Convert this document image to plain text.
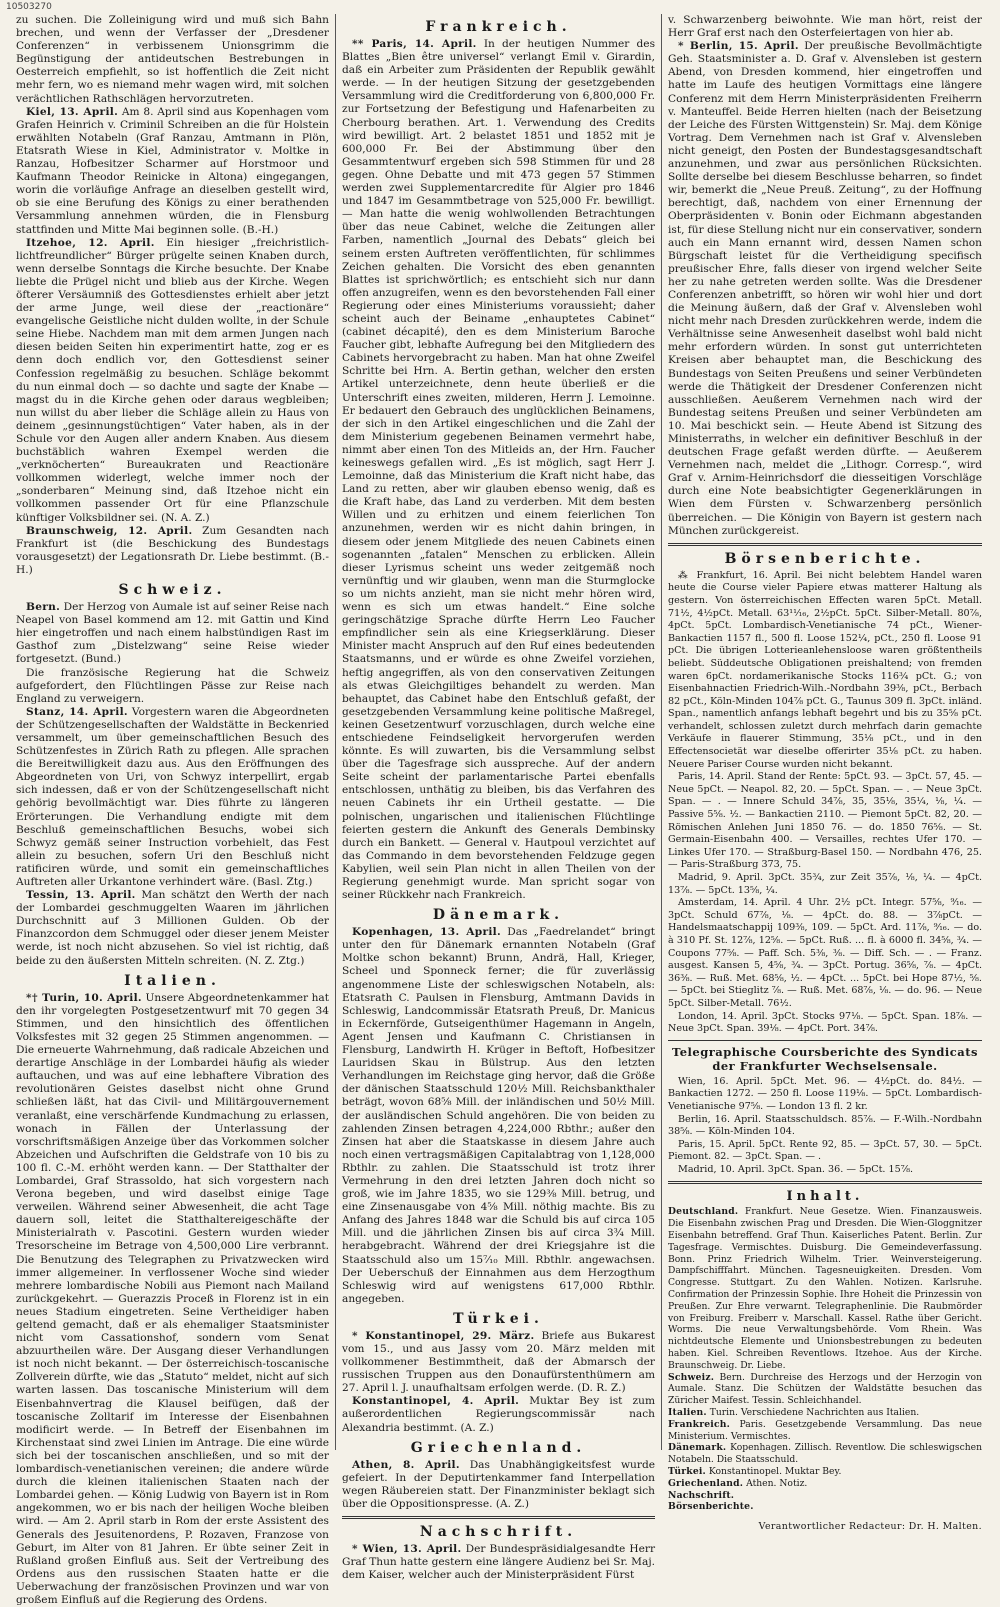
10503270

zu suchen. Die Zolleinigung wird und muß sich Bahn brechen, und wenn der Verfasser der „Dresdener Conferenzen“ in verbissenem Unionsgrimm die Begünstigung der antideutschen Bestrebungen in Oesterreich empfiehlt, so ist hoffentlich die Zeit nicht mehr fern, wo es niemand mehr wagen wird, mit solchen verächtlichen Rathschlägen hervorzutreten.

Kiel, 13. April. Am 8. April sind aus Kopenhagen vom Grafen Heinrich v. Criminil Schreiben an die für Holstein erwählten Notabeln (Graf Ranzau, Amtmann in Plön, Etatsrath Wiese in Kiel, Administrator v. Moltke in Ranzau, Hofbesitzer Scharmer auf Horstmoor und Kaufmann Theodor Reinicke in Altona) eingegangen, worin die vorläufige Anfrage an dieselben gestellt wird, ob sie eine Berufung des Königs zu einer berathenden Versammlung annehmen würden, die in Flensburg stattfinden und Mitte Mai beginnen solle. (B.-H.)

Itzehoe, 12. April. Ein hiesiger „freichristlich-lichtfreundlicher“ Bürger prügelte seinen Knaben durch, wenn derselbe Sonntags die Kirche besuchte. Der Knabe liebte die Prügel nicht und blieb aus der Kirche. Wegen öfterer Versäumniß des Gottesdienstes erhielt aber jetzt der arme Junge, weil diese der „reactionäre“ evangelische Geistliche nicht dulden wollte, in der Schule seine Hiebe. Nachdem man mit dem armen Jungen nach diesen beiden Seiten hin experimentirt hatte, zog er es denn doch endlich vor, den Gottesdienst seiner Confession regelmäßig zu besuchen. Schläge bekommt du nun einmal doch — so dachte und sagte der Knabe — magst du in die Kirche gehen oder daraus wegbleiben; nun willst du aber lieber die Schläge allein zu Haus von deinem „gesinnungstüchtigen“ Vater haben, als in der Schule vor den Augen aller andern Knaben. Aus diesem buchstäblich wahren Exempel werden die „verknöcherten“ Bureaukraten und Reactionäre vollkommen widerlegt, welche immer noch der „sonderbaren“ Meinung sind, daß Itzehoe nicht ein vollkommen passender Ort für eine Pflanzschule künftiger Volksbildner sei. (N. A. Z.)

Braunschweig, 12. April. Zum Gesandten nach Frankfurt ist (die Beschickung des Bundestags vorausgesetzt) der Legationsrath Dr. Liebe bestimmt. (B.-H.)

Schweiz.

Bern. Der Herzog von Aumale ist auf seiner Reise nach Neapel von Basel kommend am 12. mit Gattin und Kind hier eingetroffen und nach einem halbstündigen Rast im Gasthof zum „Distelzwang“ seine Reise wieder fortgesetzt. (Bund.)

Die französische Regierung hat die Schweiz aufgefordert, den Flüchtlingen Pässe zur Reise nach England zu verweigern.

Stanz, 14. April. Vorgestern waren die Abgeordneten der Schützengesellschaften der Waldstätte in Beckenried versammelt, um über gemeinschaftlichen Besuch des Schützenfestes in Zürich Rath zu pflegen. Alle sprachen die Bereitwilligkeit dazu aus. Aus den Eröffnungen des Abgeordneten von Uri, von Schwyz interpellirt, ergab sich indessen, daß er von der Schützengesellschaft nicht gehörig bevollmächtigt war. Dies führte zu längeren Erörterungen. Die Verhandlung endigte mit dem Beschluß gemeinschaftlichen Besuchs, wobei sich Schwyz gemäß seiner Instruction vorbehielt, das Fest allein zu besuchen, sofern Uri den Beschluß nicht ratificiren würde, und somit ein gemeinschaftliches Auftreten aller Urkantone verhindert wäre. (Basl. Ztg.)

Tessin, 13. April. Man schätzt den Werth der nach der Lombardei geschmuggelten Waaren im jährlichen Durchschnitt auf 3 Millionen Gulden. Ob der Finanzcordon dem Schmuggel oder dieser jenem Meister werde, ist noch nicht abzusehen. So viel ist richtig, daß beide zu den äußersten Mitteln schreiten. (N. Z. Ztg.)

Italien.

*† Turin, 10. April. Unsere Abgeordnetenkammer hat den ihr vorgelegten Postgesetzentwurf mit 70 gegen 34 Stimmen, und den hinsichtlich des öffentlichen Volksfestes mit 32 gegen 25 Stimmen angenommen. — Die erneuerte Wahrnehmung, daß radicale Abzeichen und derartige Anschläge in der Lombardei häufig als wieder auftauchen, und was auf eine lebhaftere Vibration des revolutionären Geistes daselbst nicht ohne Grund schließen läßt, hat das Civil- und Militärgouvernement veranlaßt, eine verschärfende Kundmachung zu erlassen, wonach in Fällen der Unterlassung der vorschriftsmäßigen Anzeige über das Vorkommen solcher Abzeichen und Aufschriften die Geldstrafe von 10 bis zu 100 fl. C.-M. erhöht werden kann. — Der Statthalter der Lombardei, Graf Strassoldo, hat sich vorgestern nach Verona begeben, und wird daselbst einige Tage verweilen. Während seiner Abwesenheit, die acht Tage dauern soll, leitet die Statthaltereigeschäfte der Ministerialrath v. Pascotini. Gestern wurden wieder Tresorscheine im Betrage von 4,500,000 Lire verbrannt. Die Benutzung des Telegraphen zu Privatzwecken wird immer allgemeiner. In verflossener Woche sind wieder mehrere lombardische Nobili aus Piemont nach Mailand zurückgekehrt. — Guerazzis Proceß in Florenz ist in ein neues Stadium eingetreten. Seine Vertheidiger haben geltend gemacht, daß er als ehemaliger Staatsminister nicht vom Cassationshof, sondern vom Senat abzuurtheilen wäre. Der Ausgang dieser Verhandlungen ist noch nicht bekannt. — Der österreichisch-toscanische Zollverein dürfte, wie das „Statuto“ meldet, nicht auf sich warten lassen. Das toscanische Ministerium will dem Eisenbahnvertrag die Klausel beifügen, daß der toscanische Zolltarif im Interesse der Eisenbahnen modificirt werde. — In Betreff der Eisenbahnen im Kirchenstaat sind zwei Linien im Antrage. Die eine würde sich bei der toscanischen anschließen, und so mit der lombardisch-venetianischen vereinen; die andere würde durch die kleinen italienischen Staaten nach der Lombardei gehen. — König Ludwig von Bayern ist in Rom angekommen, wo er bis nach der heiligen Woche bleiben wird. — Am 2. April starb in Rom der erste Assistent des Generals des Jesuitenordens, P. Rozaven, Franzose von Geburt, im Alter von 81 Jahren. Er übte seiner Zeit in Rußland großen Einfluß aus. Seit der Vertreibung des Ordens aus den russischen Staaten hatte er die Ueberwachung der französischen Provinzen und war von großem Einfluß auf die Regierung des Ordens.

Frankreich.

** Paris, 14. April. In der heutigen Nummer des Blattes „Bien être universel“ verlangt Emil v. Girardin, daß ein Arbeiter zum Präsidenten der Republik gewählt werde. — In der heutigen Sitzung der gesetzgebenden Versammlung wird die Creditforderung von 6,800,000 Fr. zur Fortsetzung der Befestigung und Hafenarbeiten zu Cherbourg berathen. Art. 1. Verwendung des Credits wird bewilligt. Art. 2 belastet 1851 und 1852 mit je 600,000 Fr. Bei der Abstimmung über den Gesammtentwurf ergeben sich 598 Stimmen für und 28 gegen. Ohne Debatte und mit 473 gegen 57 Stimmen werden zwei Supplementarcredite für Algier pro 1846 und 1847 im Gesammtbetrage von 525,000 Fr. bewilligt. — Man hatte die wenig wohlwollenden Betrachtungen über das neue Cabinet, welche die Zeitungen aller Farben, namentlich „Journal des Debats“ gleich bei seinem ersten Auftreten veröffentlichten, für schlimmes Zeichen gehalten. Die Vorsicht des eben genannten Blattes ist sprichwörtlich; es entschieht sich nur dann offen anzugreifen, wenn es den bevorstehenden Fall einer Regierung oder eines Ministeriums voraussieht; daher scheint auch der Beiname „enhauptetes Cabinet“ (cabinet décapité), den es dem Ministerium Baroche Faucher gibt, lebhafte Aufregung bei den Mitgliedern des Cabinets hervorgebracht zu haben. Man hat ohne Zweifel Schritte bei Hrn. A. Bertin gethan, welcher den ersten Artikel unterzeichnete, denn heute überließ er die Unterschrift eines zweiten, milderen, Herrn J. Lemoinne. Er bedauert den Gebrauch des unglücklichen Beinamens, der sich in den Artikel eingeschlichen und die Zahl der dem Ministerium gegebenen Beinamen vermehrt habe, nimmt aber einen Ton des Mitleids an, der Hrn. Faucher keineswegs gefallen wird. „Es ist möglich, sagt Herr J. Lemoinne, daß das Ministerium die Kraft nicht habe, das Land zu retten, aber wir glauben ebenso wenig, daß es die Kraft habe, das Land zu verderben. Mit dem besten Willen und zu erhitzen und einem feierlichen Ton anzunehmen, werden wir es nicht dahin bringen, in diesem oder jenem Mitgliede des neuen Cabinets einen sogenannten „fatalen“ Menschen zu erblicken. Allein dieser Lyrismus scheint uns weder zeitgemäß noch vernünftig und wir glauben, wenn man die Sturmglocke so um nichts anzieht, man sie nicht mehr hören wird, wenn es sich um etwas handelt.“ Eine solche geringschätzige Sprache dürfte Herrn Leo Faucher empfindlicher sein als eine Kriegserklärung. Dieser Minister macht Anspruch auf den Ruf eines bedeutenden Staatsmanns, und er würde es ohne Zweifel vorziehen, heftig angegriffen, als von den conservativen Zeitungen als etwas Gleichgiltiges behandelt zu werden. Man behauptet, das Cabinet habe den Entschluß gefaßt, der gesetzgebenden Versammlung keine politische Maßregel, keinen Gesetzentwurf vorzuschlagen, durch welche eine entschiedene Feindseligkeit hervorgerufen werden könnte. Es will zuwarten, bis die Versammlung selbst über die Tagesfrage sich ausspreche. Auf der andern Seite scheint der parlamentarische Partei ebenfalls entschlossen, unthätig zu bleiben, bis das Verfahren des neuen Cabinets ihr ein Urtheil gestatte. — Die polnischen, ungarischen und italienischen Flüchtlinge feierten gestern die Ankunft des Generals Dembinsky durch ein Bankett. — General v. Hautpoul verzichtet auf das Commando in dem bevorstehenden Feldzuge gegen Kabylien, weil sein Plan nicht in allen Theilen von der Regierung genehmigt wurde. Man spricht sogar von seiner Rückkehr nach Frankreich.

Dänemark.

Kopenhagen, 13. April. Das „Faedrelandet“ bringt unter den für Dänemark ernannten Notabeln (Graf Moltke schon bekannt) Brunn, Andrä, Hall, Krieger, Scheel und Sponneck ferner; die für zuverlässig angenommene Liste der schleswigschen Notabeln, als: Etatsrath C. Paulsen in Flensburg, Amtmann Davids in Schleswig, Landcommissär Etatsrath Preuß, Dr. Manicus in Eckernförde, Gutseigenthümer Hagemann in Angeln, Agent Jensen und Kaufmann C. Christiansen in Flensburg, Landwirth H. Krüger in Beftoft, Hofbesitzer Lauridsen Skau in Bülstrup. Aus den letzten Verhandlungen im Reichstage ging hervor, daß die Größe der dänischen Staatsschuld 120½ Mill. Reichsbankthaler beträgt, wovon 68⅝ Mill. der inländischen und 50½ Mill. der ausländischen Schuld angehören. Die von beiden zu zahlenden Zinsen betragen 4,224,000 Rbthr.; außer den Zinsen hat aber die Staatskasse in diesem Jahre auch noch einen vertragsmäßigen Capitalabtrag von 1,128,000 Rbthlr. zu zahlen. Die Staatsschuld ist trotz ihrer Vermehrung in den drei letzten Jahren doch nicht so groß, wie im Jahre 1835, wo sie 129⅜ Mill. betrug, und eine Zinsenausgabe von 4⅝ Mill. nöthig machte. Bis zu Anfang des Jahres 1848 war die Schuld bis auf circa 105 Mill. und die jährlichen Zinsen bis auf circa 3¾ Mill. herabgebracht. Während der drei Kriegsjahre ist die Staatsschuld also um 15⁷⁄₁₀ Mill. Rbthlr. angewachsen. Der Ueberschuß der Einnahmen aus dem Herzogthum Schleswig wird auf wenigstens 617,000 Rbthlr. angegeben.

Türkei.

* Konstantinopel, 29. März. Briefe aus Bukarest vom 15., und aus Jassy vom 20. März melden mit vollkommener Bestimmtheit, daß der Abmarsch der russischen Truppen aus den Donaufürstenthümern am 27. April l. J. unaufhaltsam erfolgen werde. (D. R. Z.)

Konstantinopel, 4. April. Muktar Bey ist zum außerordentlichen Regierungscommissär nach Alexandria bestimmt. (A. Z.)

Griechenland.

Athen, 8. April. Das Unabhängigkeitsfest wurde gefeiert. In der Deputirtenkammer fand Interpellation wegen Räubereien statt. Der Finanzminister beklagt sich über die Oppositionspresse. (A. Z.)

Nachschrift.

* Wien, 13. April. Der Bundespräsidialgesandte Herr Graf Thun hatte gestern eine längere Audienz bei Sr. Maj. dem Kaiser, welcher auch der Ministerpräsident Fürst

v. Schwarzenberg beiwohnte. Wie man hört, reist der Herr Graf erst nach den Osterfeiertagen von hier ab.

* Berlin, 15. April. Der preußische Bevollmächtigte Geh. Staatsminister a. D. Graf v. Alvensleben ist gestern Abend, von Dresden kommend, hier eingetroffen und hatte im Laufe des heutigen Vormittags eine längere Conferenz mit dem Herrn Ministerpräsidenten Freiherrn v. Manteuffel. Beide Herren hielten (nach der Beisetzung der Leiche des Fürsten Wittgenstein) Sr. Maj. dem Könige Vortrag. Dem Vernehmen nach ist Graf v. Alvensleben nicht geneigt, den Posten der Bundestagsgesandtschaft anzunehmen, und zwar aus persönlichen Rücksichten. Sollte derselbe bei diesem Beschlusse beharren, so findet wir, bemerkt die „Neue Preuß. Zeitung“, zu der Hoffnung berechtigt, daß, nachdem von einer Ernennung der Oberpräsidenten v. Bonin oder Eichmann abgestanden ist, für diese Stellung nicht nur ein conservativer, sondern auch ein Mann ernannt wird, dessen Namen schon Bürgschaft leistet für die Vertheidigung specifisch preußischer Ehre, falls dieser von irgend welcher Seite her zu nahe getreten werden sollte. Was die Dresdener Conferenzen anbetrifft, so hören wir wohl hier und dort die Meinung äußern, daß der Graf v. Alvensleben wohl nicht mehr nach Dresden zurückkehren werde, indem die Verhältnisse seine Anwesenheit daselbst wohl bald nicht mehr erfordern würden. In sonst gut unterrichteten Kreisen aber behauptet man, die Beschickung des Bundestags von Seiten Preußens und seiner Verbündeten werde die Thätigkeit der Dresdener Conferenzen nicht ausschließen. Aeußerem Vernehmen nach wird der Bundestag seitens Preußen und seiner Verbündeten am 10. Mai beschickt sein. — Heute Abend ist Sitzung des Ministerraths, in welcher ein definitiver Beschluß in der deutschen Frage gefaßt werden dürfte. — Aeußerem Vernehmen nach, meldet die „Lithogr. Corresp.“, wird Graf v. Arnim-Heinrichsdorf die diesseitigen Vorschläge durch eine Note beabsichtigter Gegenerklärungen in Wien dem Fürsten v. Schwarzenberg persönlich überreichen. — Die Königin von Bayern ist gestern nach München zurückgereist.

Börsenberichte.

⁂ Frankfurt, 16. April. Bei nicht belebtem Handel waren heute die Course vieler Papiere etwas matterer Haltung als gestern. Von österreichischen Effecten waren 5pCt. Metall. 71½, 4½pCt. Metall. 63¹¹⁄₁₆, 2½pCt. 5pCt. Silber-Metall. 80⅞, 4pCt. 5pCt. Lombardisch-Venetianische 74 pCt., Wiener-Bankactien 1157 fl., 500 fl. Loose 152¼, pCt., 250 fl. Loose 91 pCt. Die übrigen Lotterieanlehensloose waren größtentheils beliebt. Süddeutsche Obligationen preishaltend; von fremden waren 6pCt. nordamerikanische Stocks 116¾ pCt. G.; von Eisenbahnactien Friedrich-Wilh.-Nordbahn 39⅜, pCt., Berbach 82 pCt., Köln-Minden 104⅞ pCt. G., Taunus 309 fl. 3pCt. inländ. Span., namentlich anfangs lebhaft begehrt und bis zu 35⅝ pCt. verhandelt, schlossen zuletzt durch mehrfach darin gemachte Verkäufe in flauerer Stimmung, 35⅛ pCt., und in den Effectensocietät war dieselbe offerirter 35⅛ pCt. zu haben. Neuere Pariser Course wurden nicht bekannt.

Paris, 14. April. Stand der Rente: 5pCt. 93. — 3pCt. 57, 45. — Neue 5pCt. — Neapol. 82, 20. — 5pCt. Span. — . — Neue 3pCt. Span. — . — Innere Schuld 34⅞, 35, 35⅛, 35¼, ⅛, ¼. — Passive 5⅝. ½. — Bankactien 2110. — Piemont 5pCt. 82, 20. — Römischen Anlehen Juni 1850 76. — do. 1850 76⅝. — St. Germain-Eisenbahn 400. — Versailles, rechtes Ufer 170. — Linkes Ufer 170. — Straßburg-Basel 150. — Nordbahn 476, 25. — Paris-Straßburg 373, 75.

Madrid, 9. April. 3pCt. 35¾, zur Zeit 35⅞, ⅛, ¼. — 4pCt. 13⅞. — 5pCt. 13⅝, ¼.

Amsterdam, 14. April. 4 Uhr. 2½ pCt. Integr. 57⅝, ⁹⁄₁₆. — 3pCt. Schuld 67⅞, ⅛. — 4pCt. do. 88. — 3⅞pCt. — Handelsmaatschappij 109⅜, 109. — 5pCt. Ard. 11⅞, ⁹⁄₁₆. — do. à 310 Pf. St. 12⅞, 12⅝. — 5pCt. Ruß. ... fl. à 6000 fl. 34⅝, ¾. — Coupons 77⅝. — Paff. Sch. 5⅜, ⅜. — Diff. Sch. — . — Franz. ausgest. Kansen 5, 4⅝, ¾. — 3pCt. Portug. 36⅝, ⅞. — 4pCt. 36⅜. — Ruß. Met. 68⅝, ½. — 4pCt. ... 5pCt. bei Hope 87½, ⅝. — 5pCt. bei Stieglitz ⅞. — Ruß. Met. 68⅞, ⅛. — do. 96. — Neue 5pCt. Silber-Metall. 76½.

London, 14. April. 3pCt. Stocks 97⅛. — 5pCt. Span. 18⅞. — Neue 3pCt. Span. 39⅛. — 4pCt. Port. 34⅞.

Telegraphische Coursberichte des Syndicats der Frankfurter Wechselsensale.

Wien, 16. April. 5pCt. Met. 96. — 4½pCt. do. 84½. — Bankactien 1272. — 250 fl. Loose 119⅛. — 5pCt. Lombardisch-Venetianische 97⅝. — London 13 fl. 2 kr.

Berlin, 16. April. Staatsschuldsch. 85⅞. — F.-Wilh.-Nordbahn 38⅝. — Köln-Minden 104.

Paris, 15. April. 5pCt. Rente 92, 85. — 3pCt. 57, 30. — 5pCt. Piemont. 82. — 3pCt. Span. — .

Madrid, 10. April. 3pCt. Span. 36. — 5pCt. 15⅞.

Inhalt.

Deutschland. Frankfurt. Neue Gesetze. Wien. Finanzausweis. Die Eisenbahn zwischen Prag und Dresden. Die Wien-Gloggnitzer Eisenbahn betreffend. Graf Thun. Kaiserliches Patent. Berlin. Zur Tagesfrage. Vermischtes. Duisburg. Die Gemeindeverfassung. Bonn. Prinz Friedrich Wilhelm. Trier. Weinversteigerung. Dampfschifffahrt. München. Tagesneuigkeiten. Dresden. Vom Congresse. Stuttgart. Zu den Wahlen. Notizen. Karlsruhe. Confirmation der Prinzessin Sophie. Ihre Hoheit die Prinzessin von Preußen. Zur Ehre verwarnt. Telegraphenlinie. Die Raubmörder von Freiburg. Freiberr v. Marschall. Kassel. Rathe über Gericht. Worms. Die neue Verwaltungsbehörde. Vom Rhein. Was nichtdeutsche Elemente und Unionsbestrebungen zu bedeuten haben. Kiel. Schreiben Reventlows. Itzehoe. Aus der Kirche. Braunschweig. Dr. Liebe.

Schweiz. Bern. Durchreise des Herzogs und der Herzogin von Aumale. Stanz. Die Schützen der Waldstätte besuchen das Züricher Maifest. Tessin. Schleichhandel.

Italien. Turin. Verschiedene Nachrichten aus Italien.

Frankreich. Paris. Gesetzgebende Versammlung. Das neue Ministerium. Vermischtes.

Dänemark. Kopenhagen. Zillisch. Reventlow. Die schleswigschen Notabeln. Die Staatsschuld.

Türkei. Konstantinopel. Muktar Bey.

Griechenland. Athen. Notiz.

Nachschrift.

Börsenberichte.

Verantwortlicher Redacteur: Dr. H. Malten.
